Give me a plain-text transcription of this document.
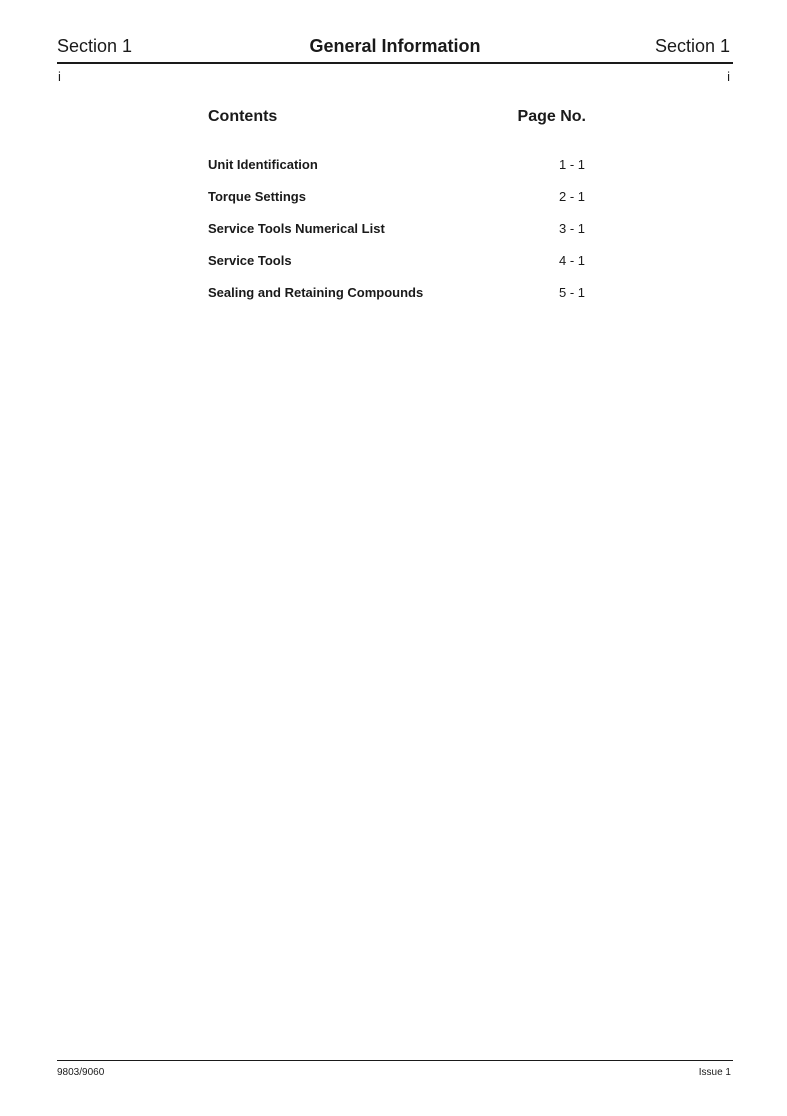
Section 1	General Information	Section 1
i	i
Contents	Page No.
Unit Identification	1 - 1
Torque Settings	2 - 1
Service Tools Numerical List	3 - 1
Service Tools	4 - 1
Sealing and Retaining Compounds	5 - 1
9803/9060	Issue 1
